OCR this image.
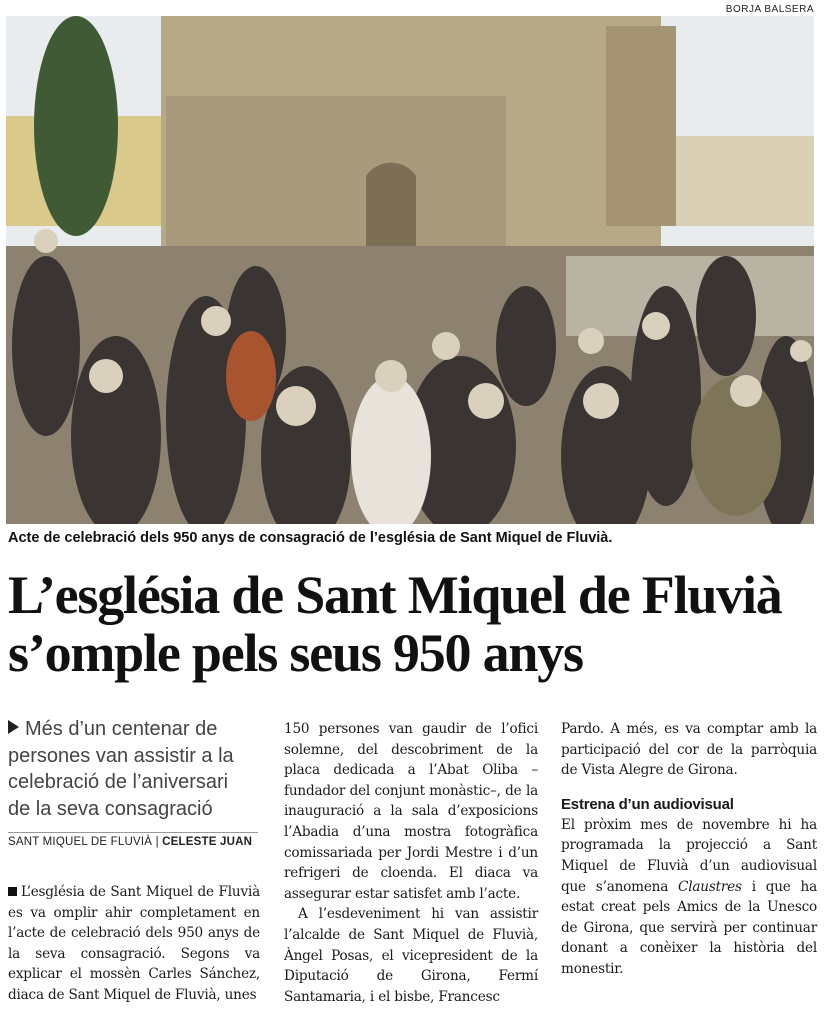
BORJA BALSERA
Acte de celebració dels 950 anys de consagració de l’església de Sant Miquel de Fluvià.
L’església de Sant Miquel de Fluvià s’omple pels seus 950 anys
Més d’un centenar de persones van assistir a la celebració de l’aniversari de la seva consagració
SANT MIQUEL DE FLUVIÀ | CELESTE JUAN

L’església de Sant Miquel de Fluvià es va omplir ahir completament en l’acte de celebració dels 950 anys de la seva consagració. Segons va explicar el mossèn Carles Sánchez, diaca de Sant Miquel de Fluvià, unes

150 persones van gaudir de l’ofici solemne, del descobriment de la placa dedicada a l’Abat Oliba –fundador del conjunt monàstic–, de la inauguració a la sala d’exposicions l’Abadia d’una mostra fotogràfica comissariada per Jordi Mestre i d’un refrigeri de cloenda. El diaca va assegurar estar satisfet amb l’acte.

A l’esdeveniment hi van assistir l’alcalde de Sant Miquel de Fluvià, Àngel Posas, el vicepresident de la Diputació de Girona, Fermí Santamaria, i el bisbe, Francesc

Pardo. A més, es va comptar amb la participació del cor de la parròquia de Vista Alegre de Girona.

Estrena d’un audiovisual

El pròxim mes de novembre hi ha programada la projecció a Sant Miquel de Fluvià d’un audiovisual que s’anomena Claustres i que ha estat creat pels Amics de la Unesco de Girona, que servirà per continuar donant a conèixer la història del monestir.
